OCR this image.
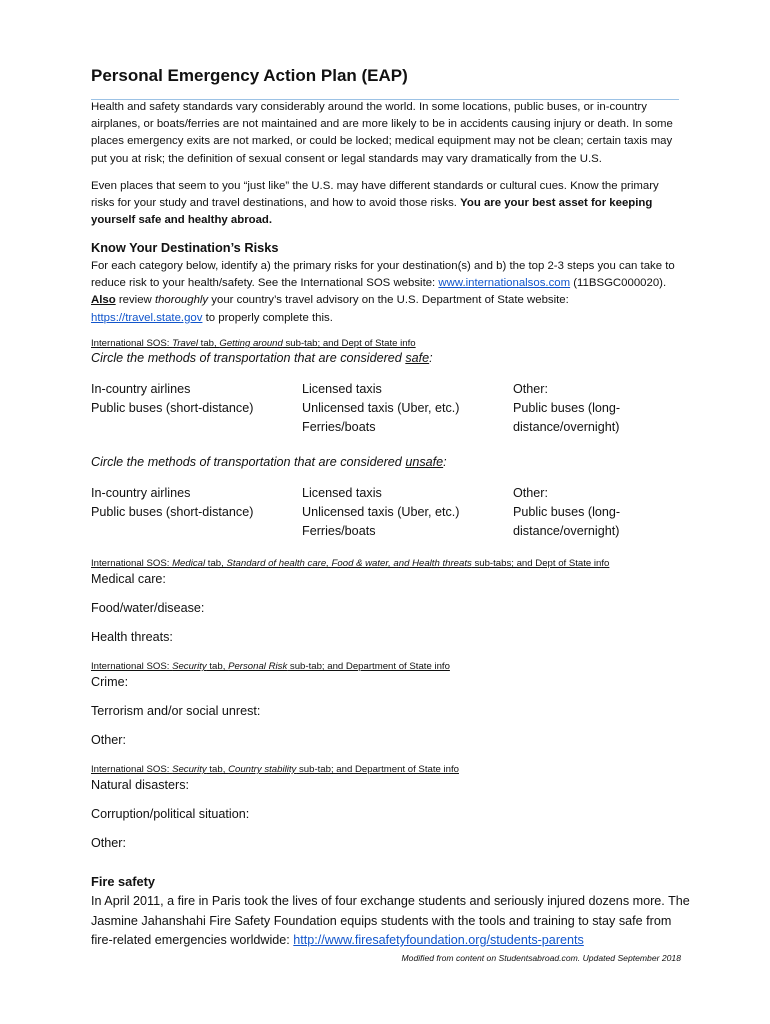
Personal Emergency Action Plan (EAP)

Health and safety standards vary considerably around the world. In some locations, public buses, or in-country airplanes, or boats/ferries are not maintained and are more likely to be in accidents causing injury or death. In some places emergency exits are not marked, or could be locked; medical equipment may not be clean; certain taxis may put you at risk; the definition of sexual consent or legal standards may vary dramatically from the U.S.

Even places that seem to you “just like” the U.S. may have different standards or cultural cues. Know the primary risks for your study and travel destinations, and how to avoid those risks. You are your best asset for keeping yourself safe and healthy abroad.

Know Your Destination’s Risks

For each category below, identify a) the primary risks for your destination(s) and b) the top 2-3 steps you can take to reduce risk to your health/safety. See the International SOS website: www.internationalsos.com (11BSGC000020). Also review thoroughly your country’s travel advisory on the U.S. Department of State website: https://travel.state.gov to properly complete this.

International SOS: Travel tab, Getting around sub-tab; and Dept of State info
Circle the methods of transportation that are considered safe:
In-country airlines
Public buses (short-distance)
Licensed taxis
Unlicensed taxis (Uber, etc.)
Ferries/boats
Other:
Public buses (long-
distance/overnight)
Circle the methods of transportation that are considered unsafe:
In-country airlines
Public buses (short-distance)
Licensed taxis
Unlicensed taxis (Uber, etc.)
Ferries/boats
Other:
Public buses (long-
distance/overnight)
International SOS: Medical tab, Standard of health care, Food & water, and Health threats sub-tabs; and Dept of State info
Medical care:
Food/water/disease:
Health threats:
International SOS: Security tab, Personal Risk sub-tab; and Department of State info
Crime:
Terrorism and/or social unrest:
Other:
International SOS: Security tab, Country stability sub-tab; and Department of State info
Natural disasters:
Corruption/political situation:
Other:
Fire safety

In April 2011, a fire in Paris took the lives of four exchange students and seriously injured dozens more. The Jasmine Jahanshahi Fire Safety Foundation equips students with the tools and training to stay safe from fire-related emergencies worldwide: http://www.firesafetyfoundation.org/students-parents

Modified from content on Studentsabroad.com. Updated September 2018
